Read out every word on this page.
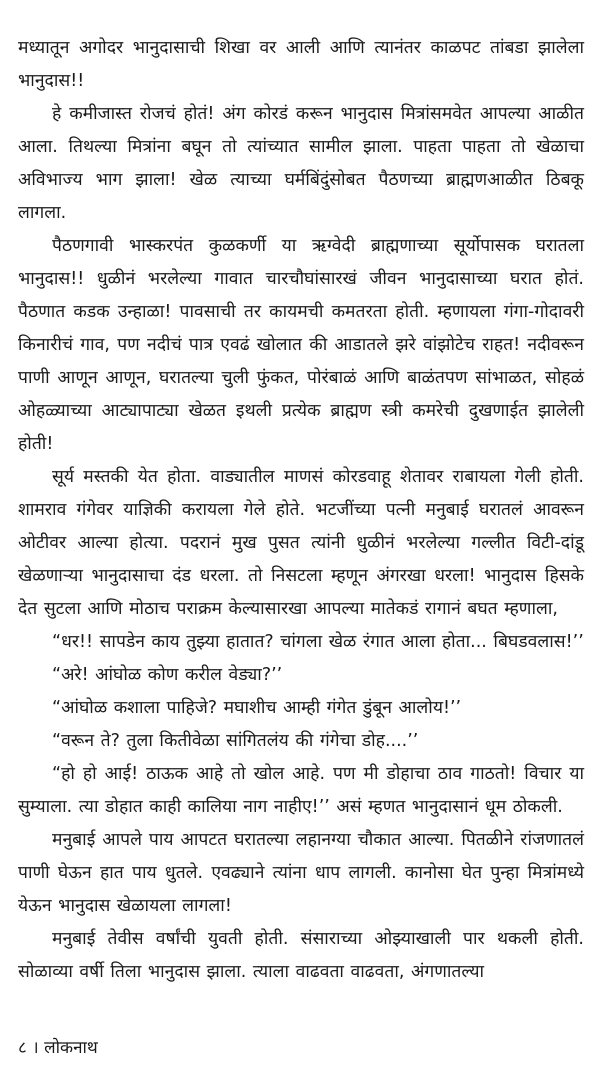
मध्यातून अगोदर भानुदासाची शिखा वर आली आणि त्यानंतर काळपट तांबडा झालेला भानुदास!!

हे कमीजास्त रोजचं होतं! अंग कोरडं करून भानुदास मित्रांसमवेत आपल्या आळीत आला. तिथल्या मित्रांना बघून तो त्यांच्यात सामील झाला. पाहता पाहता तो खेळाचा अविभाज्य भाग झाला! खेळ त्याच्या घर्मबिंदुंसोबत पैठणच्या ब्राह्मणआळीत ठिबकू लागला.

पैठणगावी भास्करपंत कुळकर्णी या ऋग्वेदी ब्राह्मणाच्या सूर्योपासक घरातला भानुदास!! धुळीनं भरलेल्या गावात चारचौघांसारखं जीवन भानुदासाच्या घरात होतं. पैठणात कडक उन्हाळा! पावसाची तर कायमची कमतरता होती. म्हणायला गंगा-गोदावरी किनारीचं गाव, पण नदीचं पात्र एवढं खोलात की आडातले झरे वांझोटेच राहत! नदीवरून पाणी आणून आणून, घरातल्या चुली फुंकत, पोरंबाळं आणि बाळंतपण सांभाळत, सोहळं ओहळ्याच्या आट्यापाट्या खेळत इथली प्रत्येक ब्राह्मण स्त्री कमरेची दुखणाईत झालेली होती!

सूर्य मस्तकी येत होता. वाड्यातील माणसं कोरडवाहू शेतावर राबायला गेली होती. शामराव गंगेवर याज्ञिकी करायला गेले होते. भटजींच्या पत्नी मनुबाई घरातलं आवरून ओटीवर आल्या होत्या. पदरानं मुख पुसत त्यांनी धुळीनं भरलेल्या गल्लीत विटी-दांडू खेळणाऱ्या भानुदासाचा दंड धरला. तो निसटला म्हणून अंगरखा धरला! भानुदास हिसके देत सुटला आणि मोठाच पराक्रम केल्यासारखा आपल्या मातेकडं रागानं बघत म्हणाला,

“धर!! सापडेन काय तुझ्या हातात? चांगला खेळ रंगात आला होता... बिघडवलास!’’

“अरे! आंघोळ कोण करील वेड्या?’’

“आंघोळ कशाला पाहिजे? मघाशीच आम्ही गंगेत डुंबून आलोय!’’

“वरून ते? तुला कितीवेळा सांगितलंय की गंगेचा डोह....’’

“हो हो आई! ठाऊक आहे तो खोल आहे. पण मी डोहाचा ठाव गाठतो! विचार या सुम्याला. त्या डोहात काही कालिया नाग नाहीए!’’ असं म्हणत भानुदासानं धूम ठोकली.

मनुबाई आपले पाय आपटत घरातल्या लहानग्या चौकात आल्या. पितळीने रांजणातलं पाणी घेऊन हात पाय धुतले. एवढ्याने त्यांना धाप लागली. कानोसा घेत पुन्हा मित्रांमध्ये येऊन भानुदास खेळायला लागला!

मनुबाई तेवीस वर्षांची युवती होती. संसाराच्या ओझ्याखाली पार थकली होती. सोळाव्या वर्षी तिला भानुदास झाला. त्याला वाढवता वाढवता, अंगणातल्या

८ । लोकनाथ
